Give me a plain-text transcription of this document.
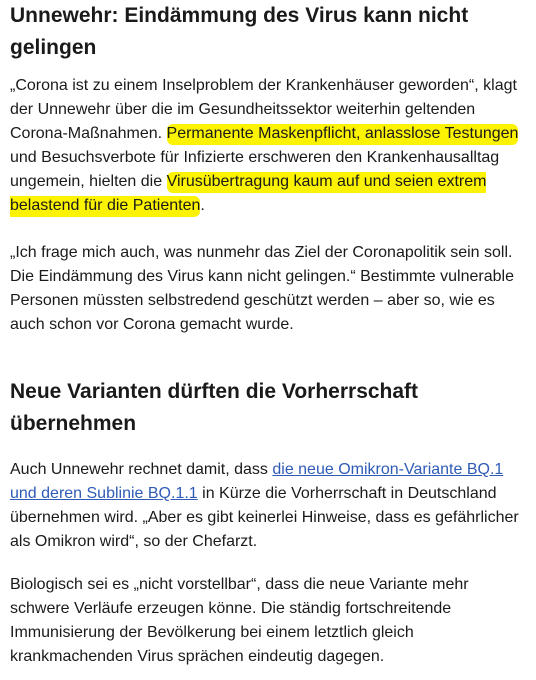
Unnewehr: Eindämmung des Virus kann nicht gelingen

„Corona ist zu einem Inselproblem der Krankenhäuser geworden“, klagt der Unnewehr über die im Gesundheitssektor weiterhin geltenden Corona-Maßnahmen. Permanente Maskenpflicht, anlasslose Testungen und Besuchsverbote für Infizierte erschweren den Krankenhausalltag ungemein, hielten die Virusübertragung kaum auf und seien extrem belastend für die Patienten.

„Ich frage mich auch, was nunmehr das Ziel der Coronapolitik sein soll. Die Eindämmung des Virus kann nicht gelingen.“ Bestimmte vulnerable Personen müssten selbstredend geschützt werden – aber so, wie es auch schon vor Corona gemacht wurde.

Neue Varianten dürften die Vorherrschaft übernehmen

Auch Unnewehr rechnet damit, dass die neue Omikron-Variante BQ.1 und deren Sublinie BQ.1.1 in Kürze die Vorherrschaft in Deutschland übernehmen wird. „Aber es gibt keinerlei Hinweise, dass es gefährlicher als Omikron wird“, so der Chefarzt.

Biologisch sei es „nicht vorstellbar“, dass die neue Variante mehr schwere Verläufe erzeugen könne. Die ständig fortschreitende Immunisierung der Bevölkerung bei einem letztlich gleich krankmachenden Virus sprächen eindeutig dagegen.
